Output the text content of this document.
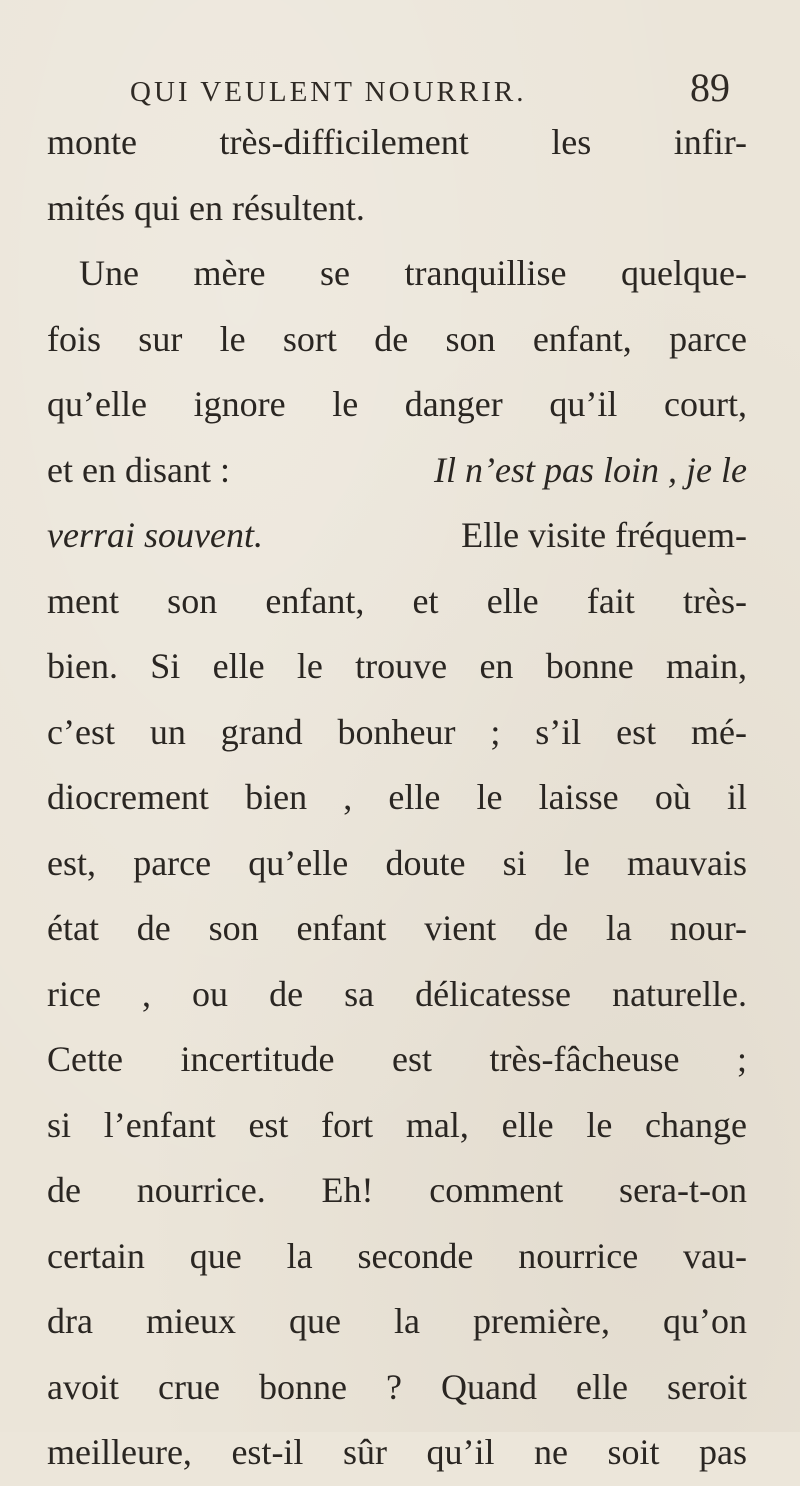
QUI VEULENT NOURRIR.	89
monte très-difficilement les infir-
mités qui en résultent.
Une mère se tranquillise quelque-
fois sur le sort de son enfant, parce
qu’elle ignore le danger qu’il court,
et en disant :	Il n’est pas loin , je le
verrai souvent.	Elle visite fréquem-
ment son enfant, et elle fait très-
bien. Si elle le trouve en bonne main,
c’est un grand bonheur ; s’il est mé-
diocrement bien , elle le laisse où il
est, parce qu’elle doute si le mauvais
état de son enfant vient de la nour-
rice , ou de sa délicatesse naturelle.
Cette incertitude est très-fâcheuse ;
si l’enfant est fort mal, elle le change
de nourrice. Eh! comment sera-t-on
certain que la seconde nourrice vau-
dra mieux que la première, qu’on
avoit crue bonne ? Quand elle seroit
meilleure, est-il sûr qu’il ne soit pas
